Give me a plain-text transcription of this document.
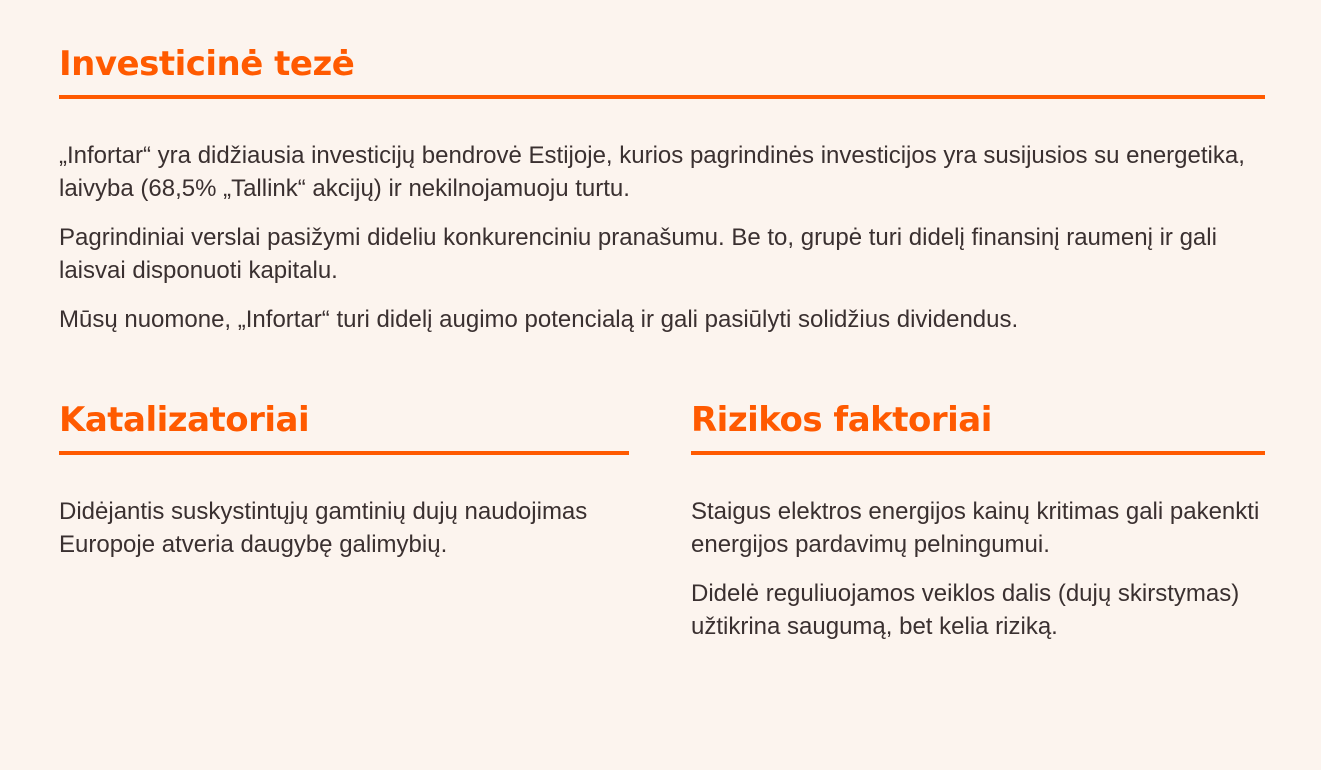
Investicinė tezė

„Infortar“ yra didžiausia investicijų bendrovė Estijoje, kurios pagrindinės investicijos yra susijusios su energetika, laivyba (68,5% „Tallink“ akcijų) ir nekilnojamuoju turtu.

Pagrindiniai verslai pasižymi dideliu konkurenciniu pranašumu. Be to, grupė turi didelį finansinį raumenį ir gali laisvai disponuoti kapitalu.

Mūsų nuomone, „Infortar“ turi didelį augimo potencialą ir gali pasiūlyti solidžius dividendus.

Katalizatoriai

Didėjantis suskystintųjų gamtinių dujų naudojimas Europoje atveria daugybę galimybių.

Rizikos faktoriai

Staigus elektros energijos kainų kritimas gali pakenkti energijos pardavimų pelningumui.

Didelė reguliuojamos veiklos dalis (dujų skirstymas) užtikrina saugumą, bet kelia riziką.
